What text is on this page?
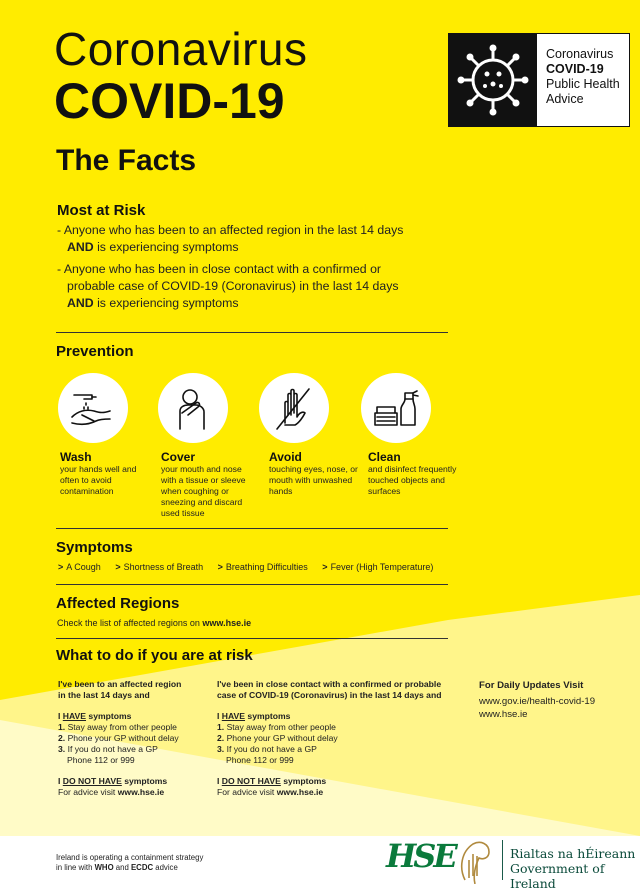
Coronavirus
COVID-19
The Facts
Coronavirus
COVID-19
Public Health
Advice
Most at Risk
- Anyone who has been to an affected region in the last 14 days
AND is experiencing symptoms
- Anyone who has been in close contact with a confirmed or
probable case of COVID-19 (Coronavirus) in the last 14 days
AND is experiencing symptoms
Prevention
Wash
your hands well and often to avoid contamination
Cover
your mouth and nose with a tissue or sleeve when coughing or sneezing and discard used tissue
Avoid
touching eyes, nose, or mouth with unwashed hands
Clean
and disinfect frequently touched objects and surfaces
Symptoms
> A Cough > Shortness of Breath > Breathing Difficulties > Fever (High Temperature)
Affected Regions
Check the list of affected regions on www.hse.ie
What to do if you are at risk
I've been to an affected region
in the last 14 days and
I HAVE symptoms
1. Stay away from other people
2. Phone your GP without delay
3. If you do not have a GP
Phone 112 or 999
I DO NOT HAVE symptoms
For advice visit www.hse.ie
I've been in close contact with a confirmed or probable
case of COVID-19 (Coronavirus) in the last 14 days and
I HAVE symptoms
1. Stay away from other people
2. Phone your GP without delay
3. If you do not have a GP
Phone 112 or 999
I DO NOT HAVE symptoms
For advice visit www.hse.ie
For Daily Updates Visit
www.gov.ie/health-covid-19
www.hse.ie
Ireland is operating a containment strategy
in line with WHO and ECDC advice	HSE	Rialtas na hÉireann
Government of Ireland
